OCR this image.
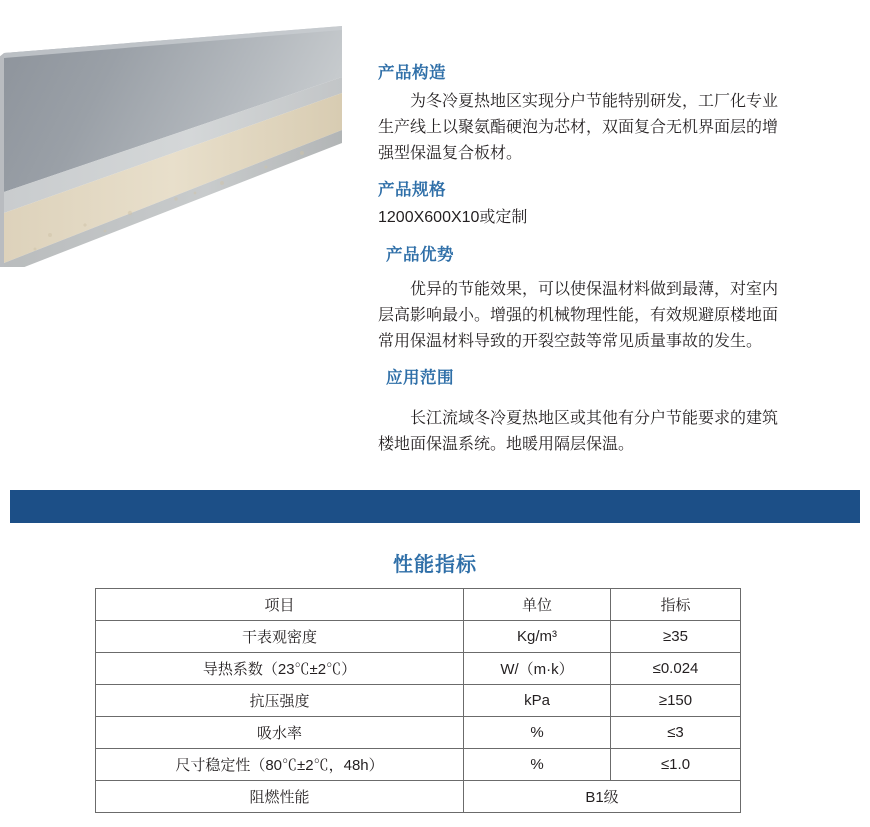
产品构造

为冬冷夏热地区实现分户节能特别研发，工厂化专业生产线上以聚氨酯硬泡为芯材，双面复合无机界面层的增强型保温复合板材。

产品规格

1200X600X10或定制

产品优势

优异的节能效果，可以使保温材料做到最薄，对室内层高影响最小。增强的机械物理性能，有效规避原楼地面常用保温材料导致的开裂空鼓等常见质量事故的发生。

应用范围

长江流域冬冷夏热地区或其他有分户节能要求的建筑楼地面保温系统。地暖用隔层保温。

性能指标
项目	单位	指标
干表观密度	Kg/m³	≥35
导热系数（23℃±2℃）	W/（m·k）	≤0.024
抗压强度	kPa	≥150
吸水率	%	≤3
尺寸稳定性（80℃±2℃，48h）	%	≤1.0
阻燃性能	B1级	
